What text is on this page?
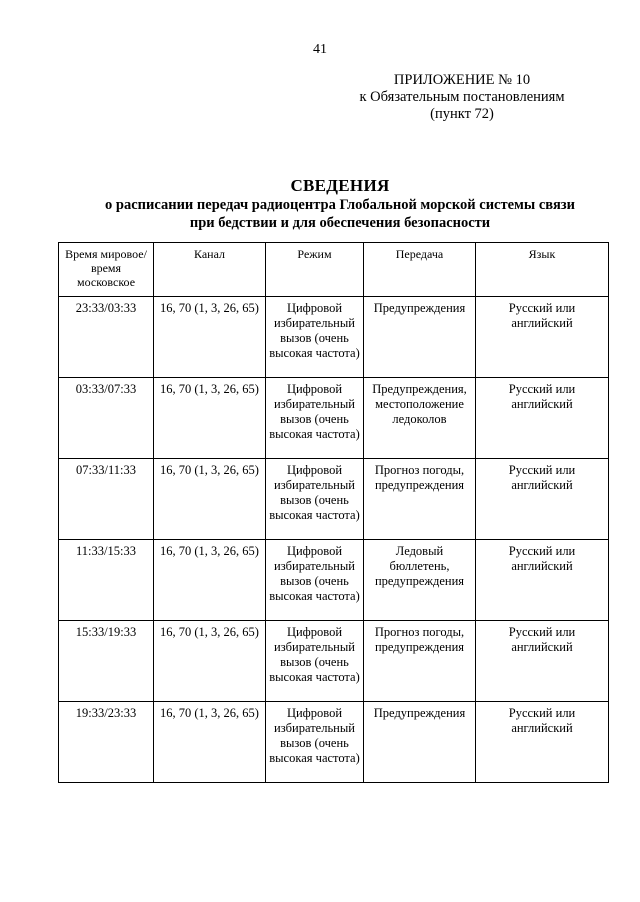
41
ПРИЛОЖЕНИЕ № 10
к Обязательным постановлениям
(пункт 72)
СВЕДЕНИЯ
о расписании передач радиоцентра Глобальной морской системы связи
при бедствии и для обеспечения безопасности
Время мировое/время московское	Канал	Режим	Передача	Язык
23:33/03:33	16, 70 (1, 3, 26, 65)	Цифровой избирательный вызов (очень высокая частота)	Предупреждения	Русский или английский
03:33/07:33	16, 70 (1, 3, 26, 65)	Цифровой избирательный вызов (очень высокая частота)	Предупреждения, местоположение ледоколов	Русский или английский
07:33/11:33	16, 70 (1, 3, 26, 65)	Цифровой избирательный вызов (очень высокая частота)	Прогноз погоды, предупреждения	Русский или английский
11:33/15:33	16, 70 (1, 3, 26, 65)	Цифровой избирательный вызов (очень высокая частота)	Ледовый бюллетень, предупреждения	Русский или английский
15:33/19:33	16, 70 (1, 3, 26, 65)	Цифровой избирательный вызов (очень высокая частота)	Прогноз погоды, предупреждения	Русский или английский
19:33/23:33	16, 70 (1, 3, 26, 65)	Цифровой избирательный вызов (очень высокая частота)	Предупреждения	Русский или английский
